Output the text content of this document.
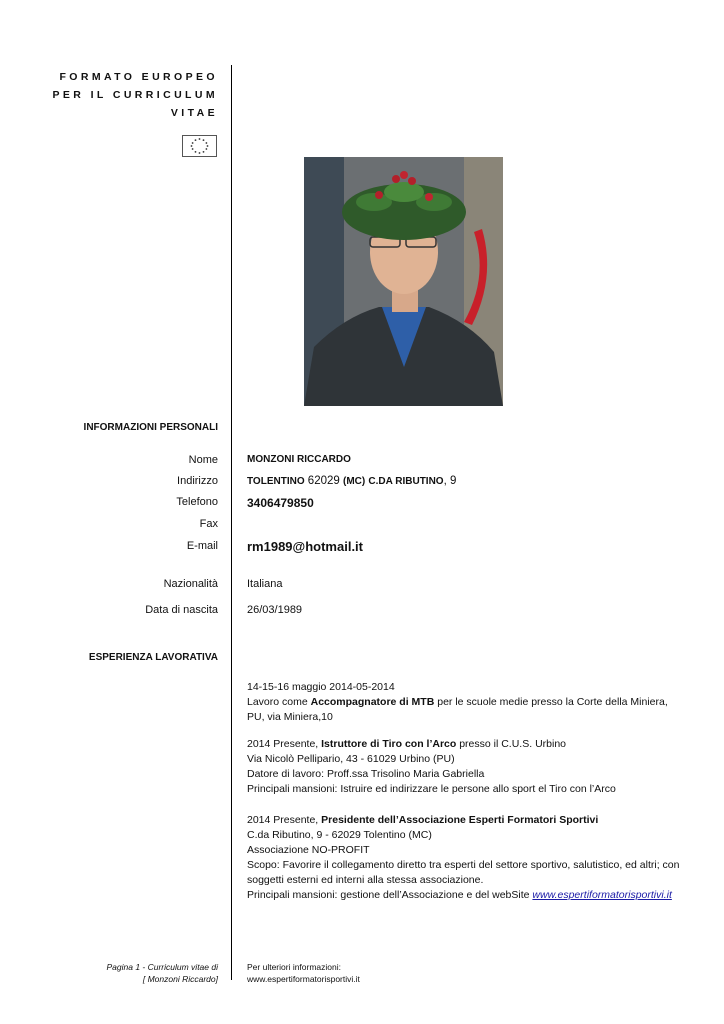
FORMATO EUROPEO
PER IL CURRICULUM
VITAE
INFORMAZIONI PERSONALI
Nome	MONZONI RICCARDO
Indirizzo	TOLENTINO 62029 (MC) C.DA RIBUTINO, 9
Telefono 3406479850
Fax
E-mail rm1989@hotmail.it
Nazionalità	Italiana
Data di nascita	26/03/1989
ESPERIENZA LAVORATIVA
14-15-16 maggio 2014-05-2014
Lavoro come Accompagnatore di MTB per le scuole medie presso la Corte della Miniera, PU, via Miniera,10
2014 Presente, Istruttore di Tiro con l’Arco presso il C.U.S. Urbino
Via Nicolò Pellipario, 43 - 61029 Urbino (PU)
Datore di lavoro: Proff.ssa Trisolino Maria Gabriella
Principali mansioni: Istruire ed indirizzare le persone allo sport el Tiro con l’Arco
2014 Presente, Presidente dell’Associazione Esperti Formatori Sportivi
C.da Ributino, 9 - 62029 Tolentino (MC)
Associazione NO-PROFIT
Scopo: Favorire il collegamento diretto tra esperti del settore sportivo, salutistico, ed altri; con soggetti esterni ed interni alla stessa associazione.
Principali mansioni: gestione dell’Associazione e del webSite www.espertiformatorisportivi.it
Pagina 1 - Curriculum vitae di
[ Monzoni Riccardo]
Per ulteriori informazioni:
www.espertiformatorisportivi.it
